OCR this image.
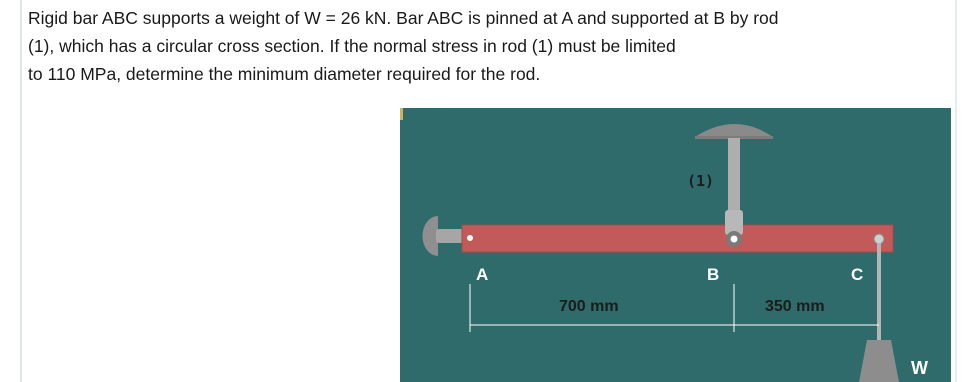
Rigid bar ABC supports a weight of W = 26 kN. Bar ABC is pinned at A and supported at B by rod
(1), which has a circular cross section. If the normal stress in rod (1) must be limited
to 110 MPa, determine the minimum diameter required for the rod.

(1)
A	B	C
700 mm	350 mm
W
